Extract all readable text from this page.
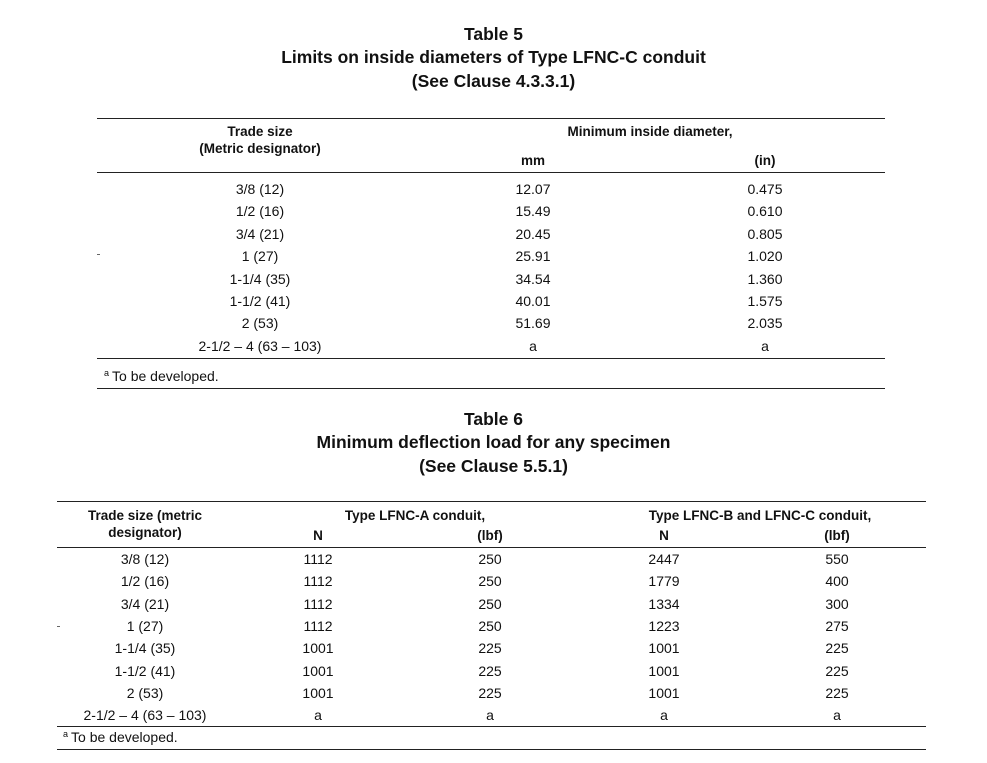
Table 5
Limits on inside diameters of Type LFNC-C conduit
(See Clause 4.3.3.1)
Trade size
(Metric designator)
Minimum inside diameter,
mm	(in)
3/8 (12)	12.07	0.475
1/2 (16)	15.49	0.610
3/4 (21)	20.45	0.805
1 (27)	25.91	1.020
1-1/4 (35)	34.54	1.360
1-1/2 (41)	40.01	1.575
2 (53)	51.69	2.035
2-1/2 – 4 (63 – 103)	a	a
$^a$ To be developed.
Table 6
Minimum deflection load for any specimen
(See Clause 5.5.1)
Trade size (metric
designator)
Type LFNC-A conduit,	Type LFNC-B and LFNC-C conduit,
N	(lbf)	N	(lbf)
3/8 (12)	1112	250	2447	550
1/2 (16)	1112	250	1779	400
3/4 (21)	1112	250	1334	300
1 (27)	1112	250	1223	275
1-1/4 (35)	1001	225	1001	225
1-1/2 (41)	1001	225	1001	225
2 (53)	1001	225	1001	225
2-1/2 – 4 (63 – 103)	a	a	a	a
$^a$ To be developed.
